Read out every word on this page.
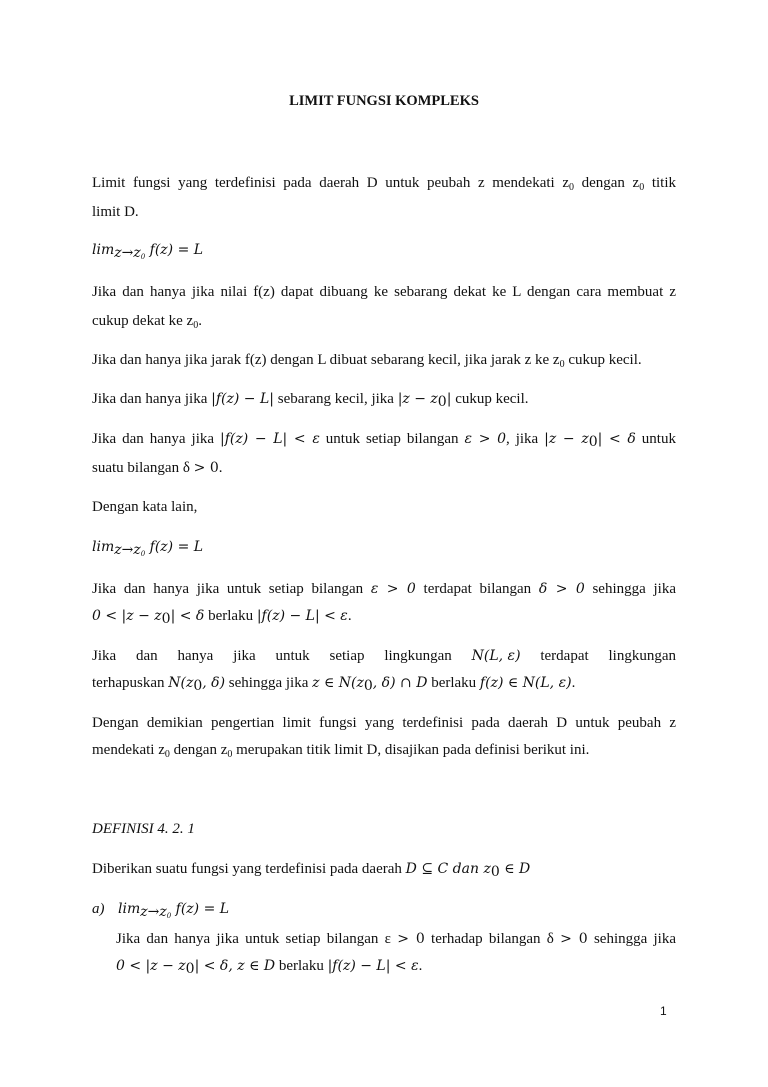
LIMIT FUNGSI KOMPLEKS
Limit fungsi yang terdefinisi pada daerah D untuk peubah z mendekati $z_0$ dengan $z_0$ titik
limit D.
$\lim_{z\to z0} f(z) = L$
Jika dan hanya jika nilai f(z) dapat dibuang ke sebarang dekat ke L dengan cara membuat z
cukup dekat ke $z_0$.
Jika dan hanya jika jarak f(z) dengan L dibuat sebarang kecil, jika jarak z ke $z_0$ cukup kecil.
Jika dan hanya jika |f(z) − L| sebarang kecil, jika $|z - z_0|$ cukup kecil.
Jika dan hanya jika |f(z) − L| < ε untuk setiap bilangan ε > 0, jika $|z - z_0| < \delta$ untuk
suatu bilangan δ > 0.
Dengan kata lain,
$\lim_{z\to z0} f(z) = L$
Jika dan hanya jika untuk setiap bilangan ε > 0 terdapat bilangan δ > 0 sehingga jika
$0 < |z - z_0| < \delta$ berlaku |f(z) − L| < ε.
Jika dan hanya jika untuk setiap lingkungan N(L, ε) terdapat lingkungan
terhapuskan $N(z_0$, δ) sehingga jika z ∈ $N(z_0$, δ) ∩ D berlaku f(z) ∈ N(L, ε).
Dengan demikian pengertian limit fungsi yang terdefinisi pada daerah D untuk peubah z
mendekati $z_0$ dengan $z_0$ merupakan titik limit D, disajikan pada definisi berikut ini.
DEFINISI 4. 2. 1
Diberikan suatu fungsi yang terdefinisi pada daerah D ⊆ C dan $z_0$ ∈ D
a) $\lim_{z\to z0} f(z) = L$
Jika dan hanya jika untuk setiap bilangan ε > 0 terhadap bilangan δ > 0 sehingga jika
$0 < |z - z_0| < \delta$, z ∈ D berlaku |f(z) − L| < ε.
1
